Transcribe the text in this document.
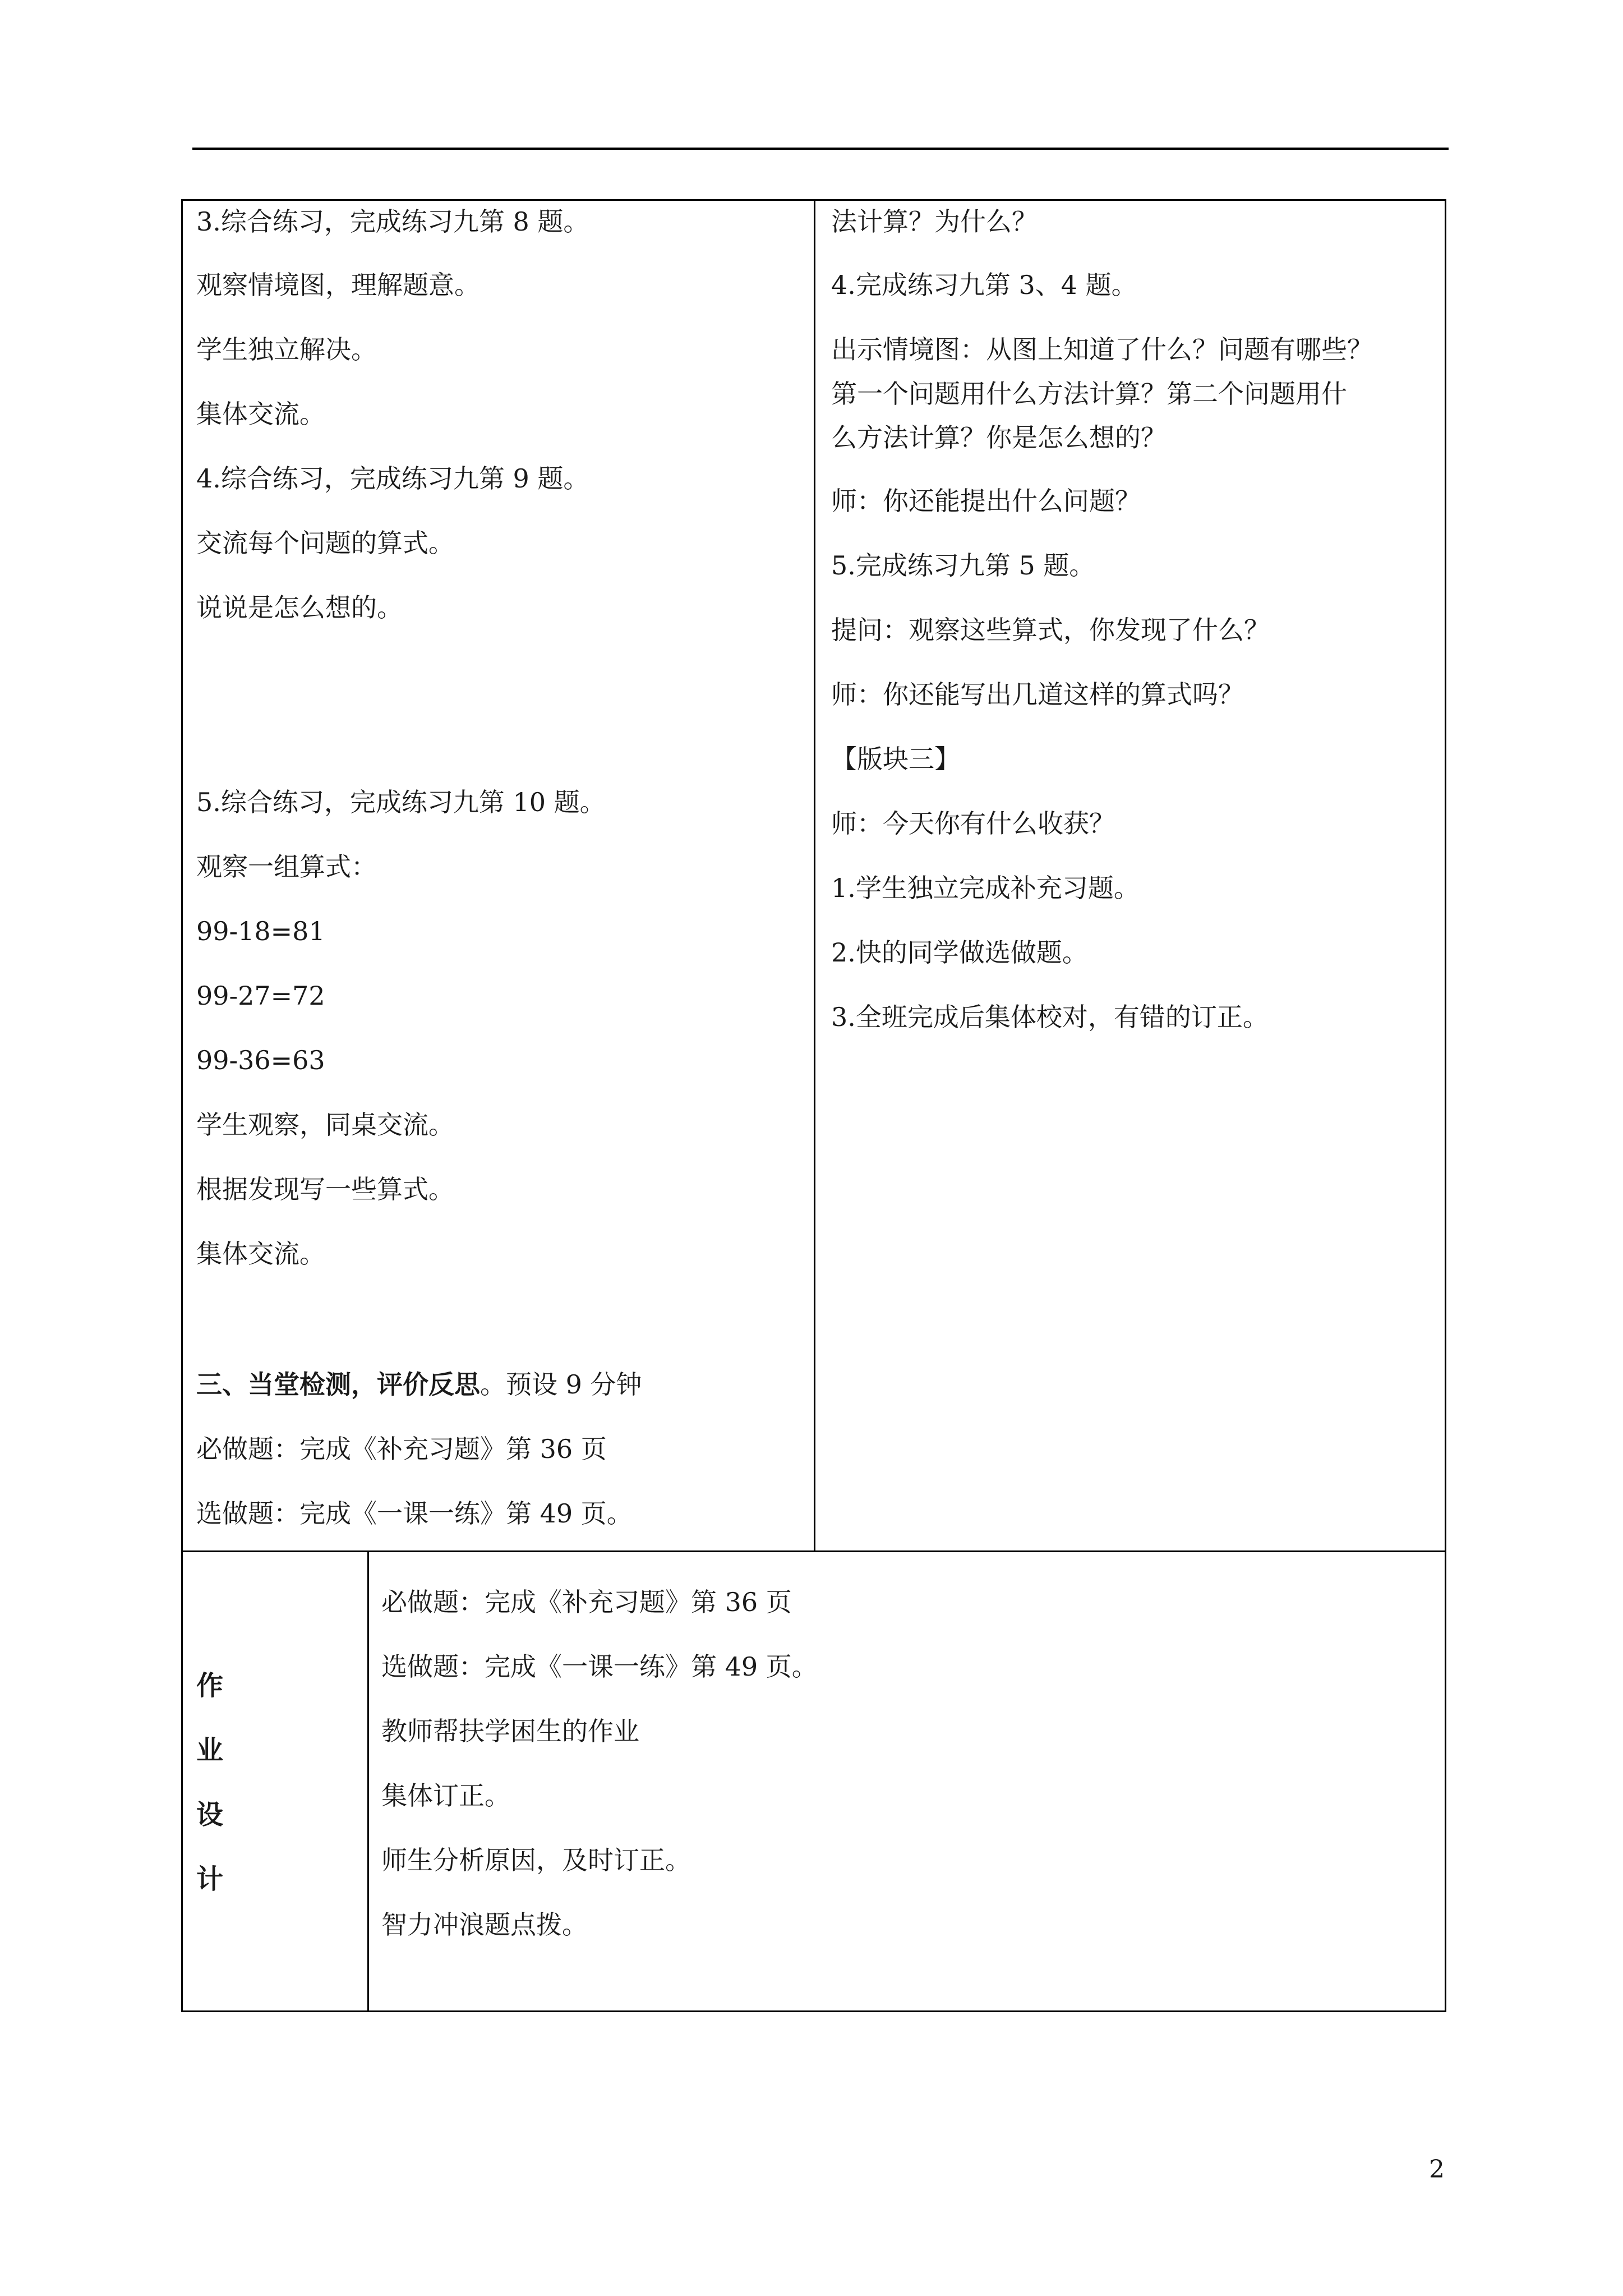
3.综合练习，完成练习九第 8 题。
观察情境图，理解题意。
学生独立解决。
集体交流。
4.综合练习，完成练习九第 9 题。
交流每个问题的算式。
说说是怎么想的。
5.综合练习，完成练习九第 10 题。
观察一组算式：
99-18=81
99-27=72
99-36=63
学生观察，同桌交流。
根据发现写一些算式。
集体交流。
三、当堂检测，评价反思。预设 9 分钟
必做题：完成《补充习题》第 36 页
选做题：完成《一课一练》第 49 页。
法计算？为什么？
4.完成练习九第 3、4 题。
出示情境图：从图上知道了什么？问题有哪些？
第一个问题用什么方法计算？第二个问题用什
么方法计算？你是怎么想的？
师：你还能提出什么问题？
5.完成练习九第 5 题。
提问：观察这些算式，你发现了什么？
师：你还能写出几道这样的算式吗？
【版块三】
师：今天你有什么收获？
1.学生独立完成补充习题。
2.快的同学做选做题。
3.全班完成后集体校对，有错的订正。
作
业
设
计
必做题：完成《补充习题》第 36 页
选做题：完成《一课一练》第 49 页。
教师帮扶学困生的作业
集体订正。
师生分析原因，及时订正。
智力冲浪题点拨。
2
